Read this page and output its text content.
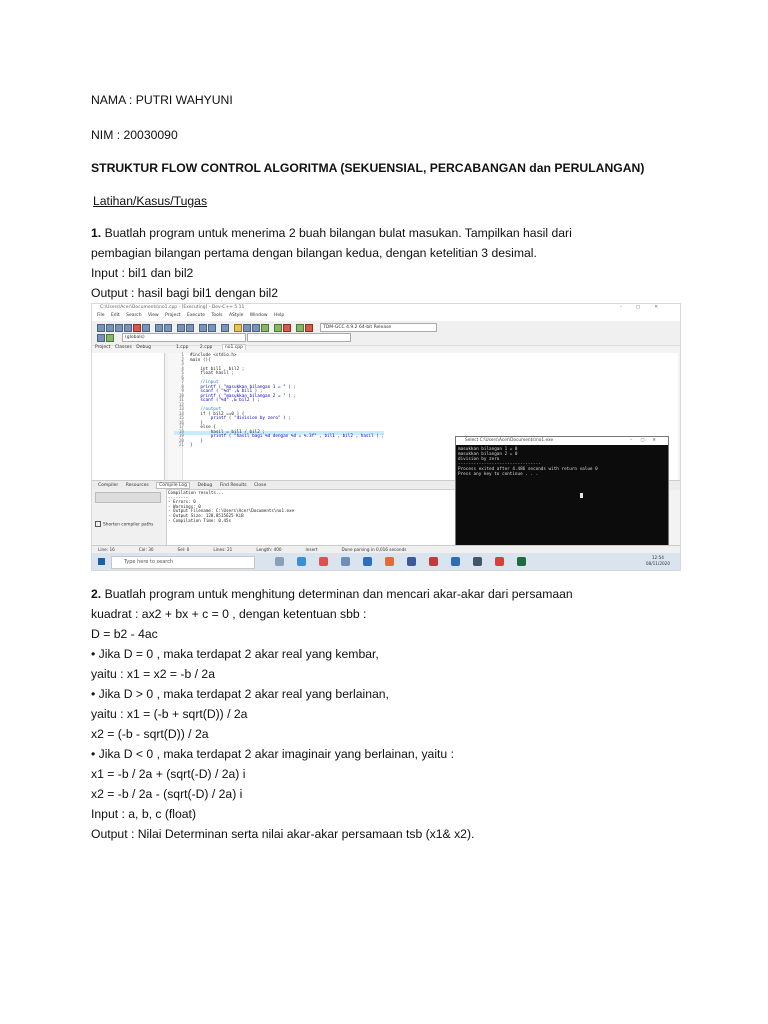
NAMA : PUTRI WAHYUNI
NIM : 20030090
STRUKTUR FLOW CONTROL ALGORITMA (SEKUENSIAL, PERCABANGAN dan PERULANGAN)
Latihan/Kasus/Tugas
1. Buatlah program untuk menerima 2 buah bilangan bulat masukan. Tampilkan hasil dari
pembagian bilangan pertama dengan bilangan kedua, dengan ketelitian 3 desimal.
Input : bil1 dan bil2
Output : hasil bagi bil1 dengan bil2
C:\Users\Acer\Documents\no1.cpp - [Executing] - Dev-C++ 5.11	–▢✕
File Edit Search View Project Execute Tools AStyle Window Help
TDM-GCC 4.9.2 64-bit Release
(globals)
Project Classes Debug	1.cpp	2.cpp	no1.cpp
1 #include <stdio.h>
2 main (){
3
4    int bil1 , bil2 ;
5    float hasil ;
6
7    //input
8    printf ( "masukkan bilangan 1 = " ) ;
9    scanf ( "%d" ,& bil1 ) ;
10    printf ( "masukkan bilangan 2 = " ) ;
11    scanf ("%d" ,& bil2 ) ;
12
13    //output
14    if ( bil2 ==0 ) {
15        printf ( "division by zero" ) ;
16    }
17    else {
18        hasil = bil1 / bil2 ;
19        printf ( "hasil bagi %d dengan %d = %.3f" , bil1 , bil2 , hasil ) ;
20    }
21 }
Compiler Resources Compile Log Debug Find Results Close
Shorten compiler paths
Compilation results...
--------
- Errors: 0
- Warnings: 0
- Output Filename: C:\Users\Acer\Documents\no1.exe
- Output Size: 128,8515625 KiB
- Compilation Time: 0,45s
Select C:\Users\Acer\Documents\no1.exe	–▢✕
masukkan bilangan 1 = 8
masukkan bilangan 2 = 0
division by zero
--------------------------------
Process exited after 4.486 seconds with return value 0
Press any key to continue . . .
Line: 16	Col: 30	Sel: 0	Lines: 21	Length: 400	Insert	Done parsing in 0,016 seconds
Type here to search
12:54
08/11/2020
2. Buatlah program untuk menghitung determinan dan mencari akar-akar dari persamaan
kuadrat : ax2 + bx + c = 0 , dengan ketentuan sbb :
D = b2 - 4ac
• Jika D = 0 , maka terdapat 2 akar real yang kembar,
yaitu : x1 = x2 = -b / 2a
• Jika D > 0 , maka terdapat 2 akar real yang berlainan,
yaitu : x1 = (-b + sqrt(D)) / 2a
x2 = (-b - sqrt(D)) / 2a
• Jika D < 0 , maka terdapat 2 akar imaginair yang berlainan, yaitu :
x1 = -b / 2a + (sqrt(-D) / 2a) i
x2 = -b / 2a - (sqrt(-D) / 2a) i
Input : a, b, c (float)
Output : Nilai Determinan serta nilai akar-akar persamaan tsb (x1& x2).
